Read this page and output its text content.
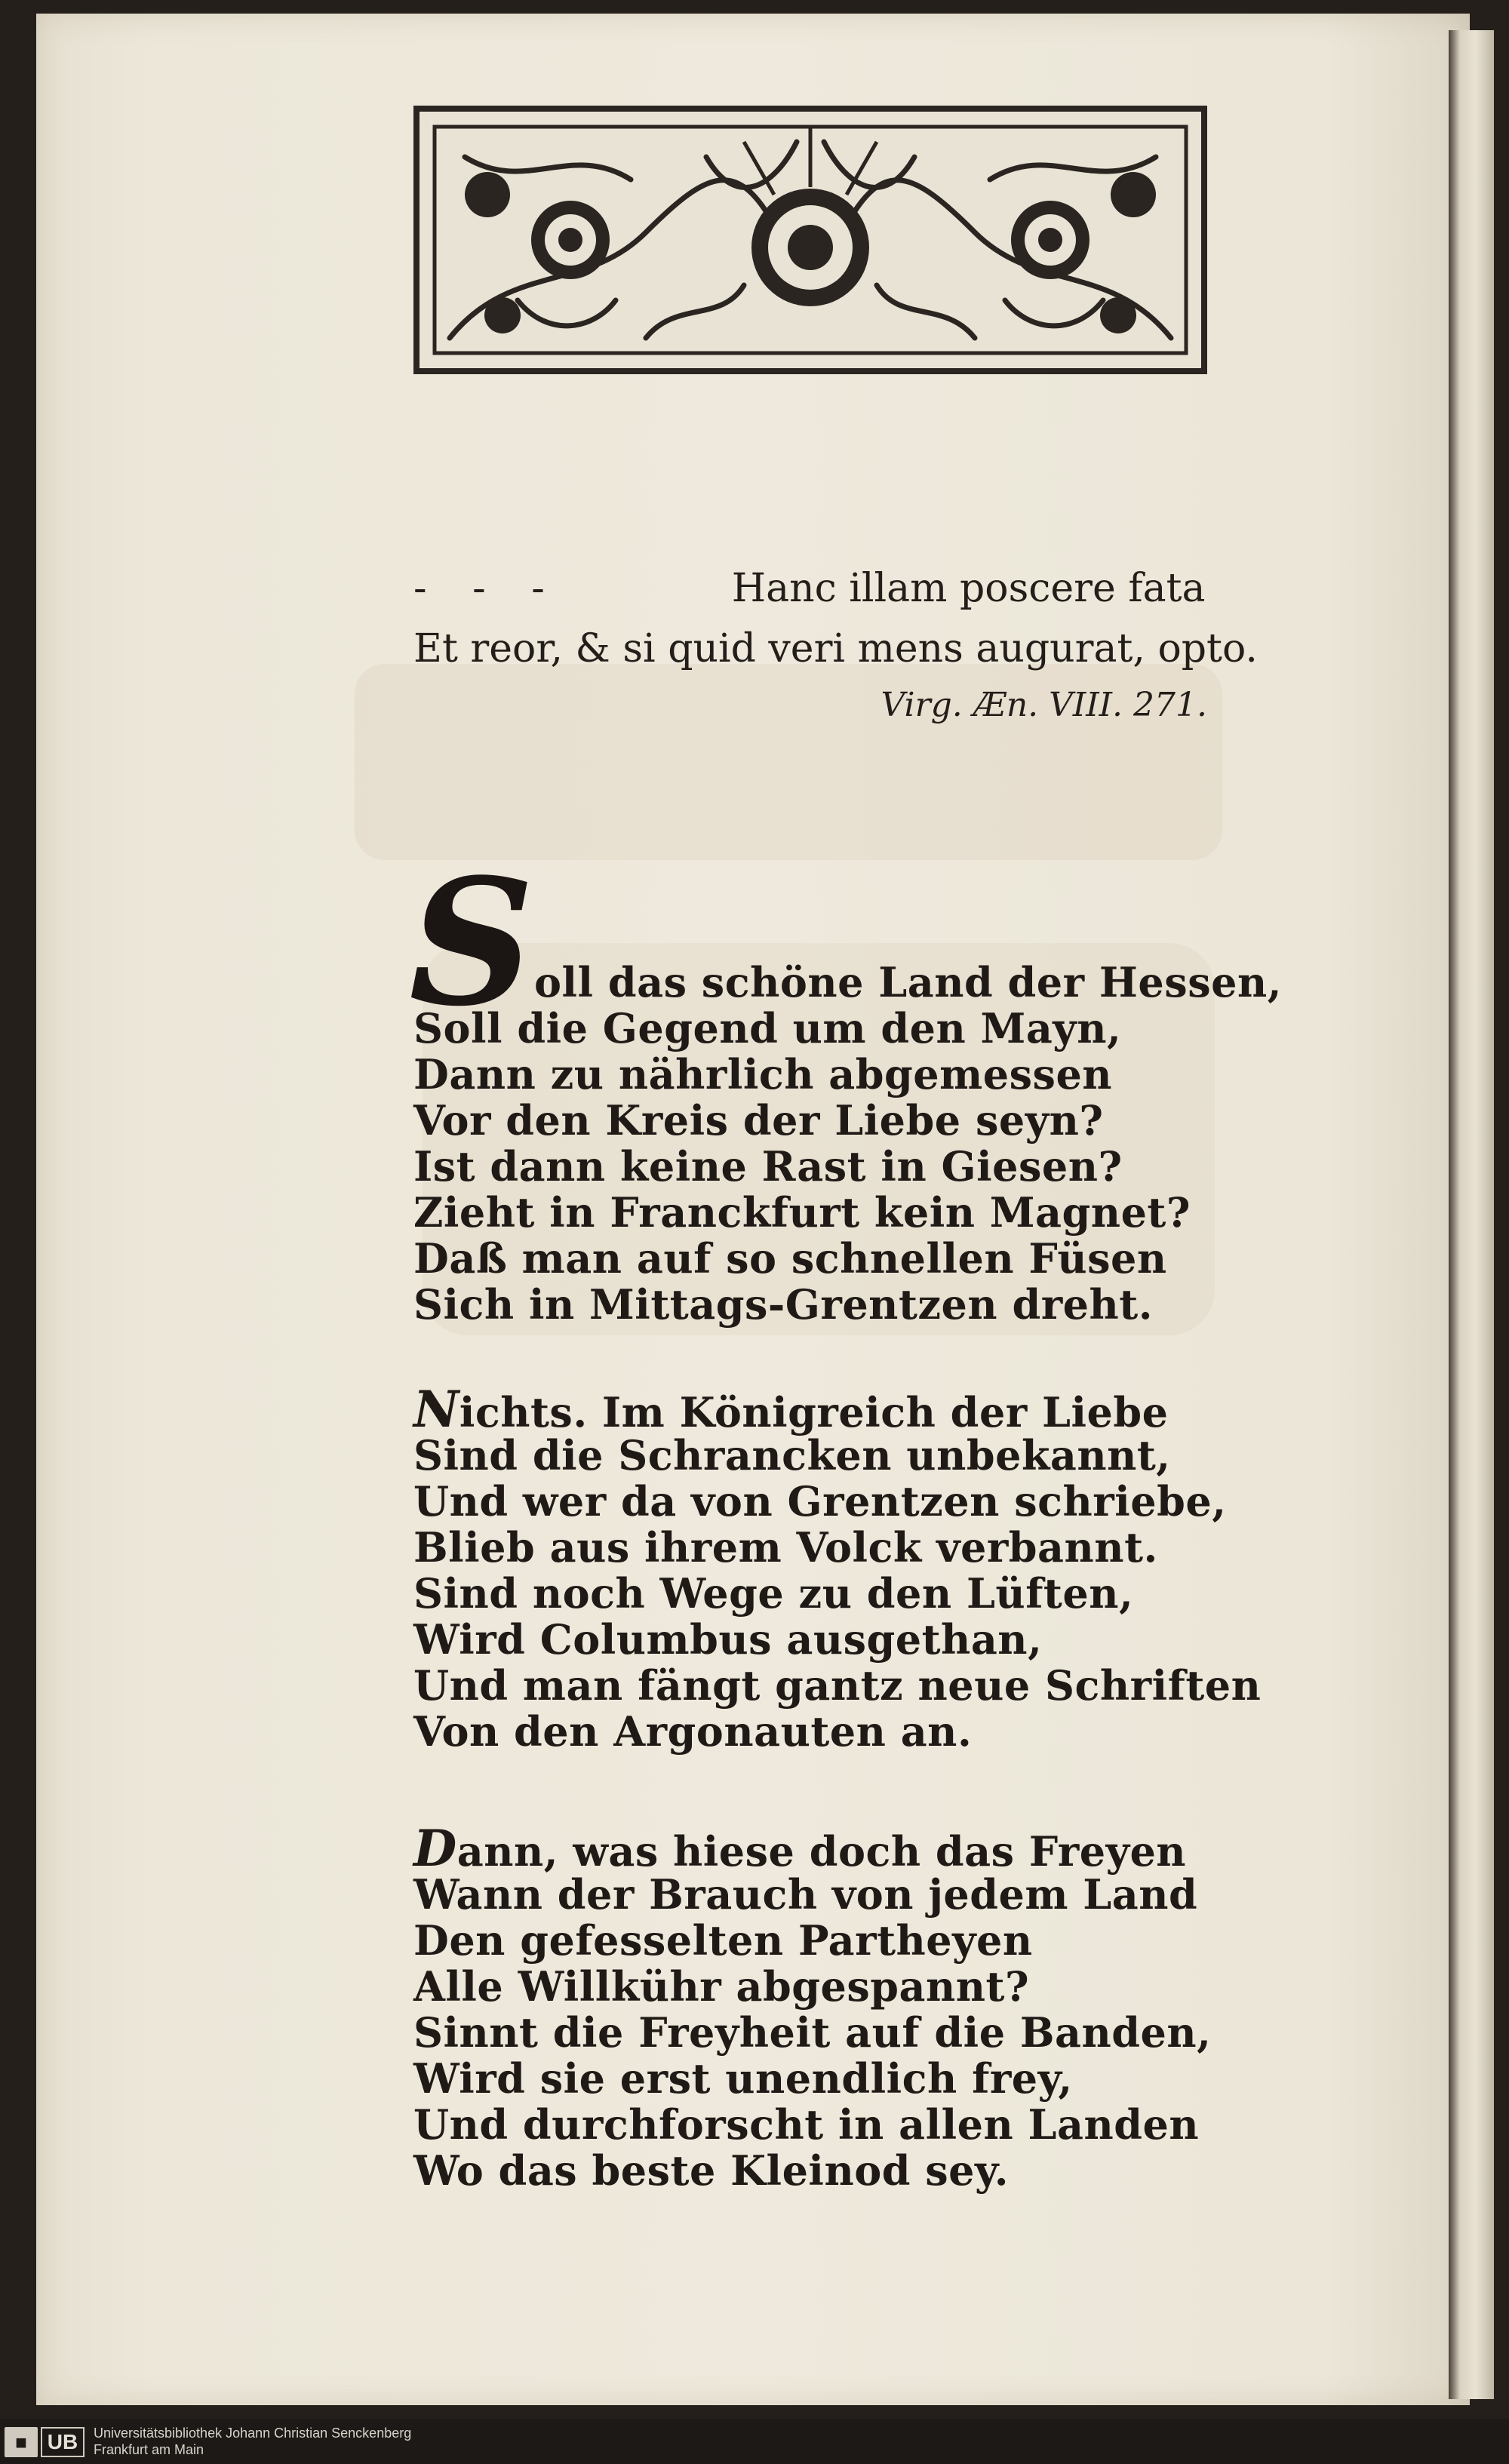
- - -	Hanc illam poscere fata
Et reor, & si quid veri mens augurat, opto.
Virg. Æn. VIII. 271.
S oll das schöne Land der Hessen,
Soll die Gegend um den Mayn,
Dann zu nährlich abgemessen
Vor den Kreis der Liebe seyn?
Ist dann keine Rast in Giesen?
Zieht in Franckfurt kein Magnet?
Daß man auf so schnellen Füsen
Sich in Mittags-Grentzen dreht.
Nichts. Im Königreich der Liebe
Sind die Schrancken unbekannt,
Und wer da von Grentzen schriebe,
Blieb aus ihrem Volck verbannt.
Sind noch Wege zu den Lüften,
Wird Columbus ausgethan,
Und man fängt gantz neue Schriften
Von den Argonauten an.
Dann, was hiese doch das Freyen
Wann der Brauch von jedem Land
Den gefesselten Partheyen
Alle Willkühr abgespannt?
Sinnt die Freyheit auf die Banden,
Wird sie erst unendlich frey,
Und durchforscht in allen Landen
Wo das beste Kleinod sey.
■ UB	Universitätsbibliothek Johann Christian Senckenberg
Frankfurt am Main
